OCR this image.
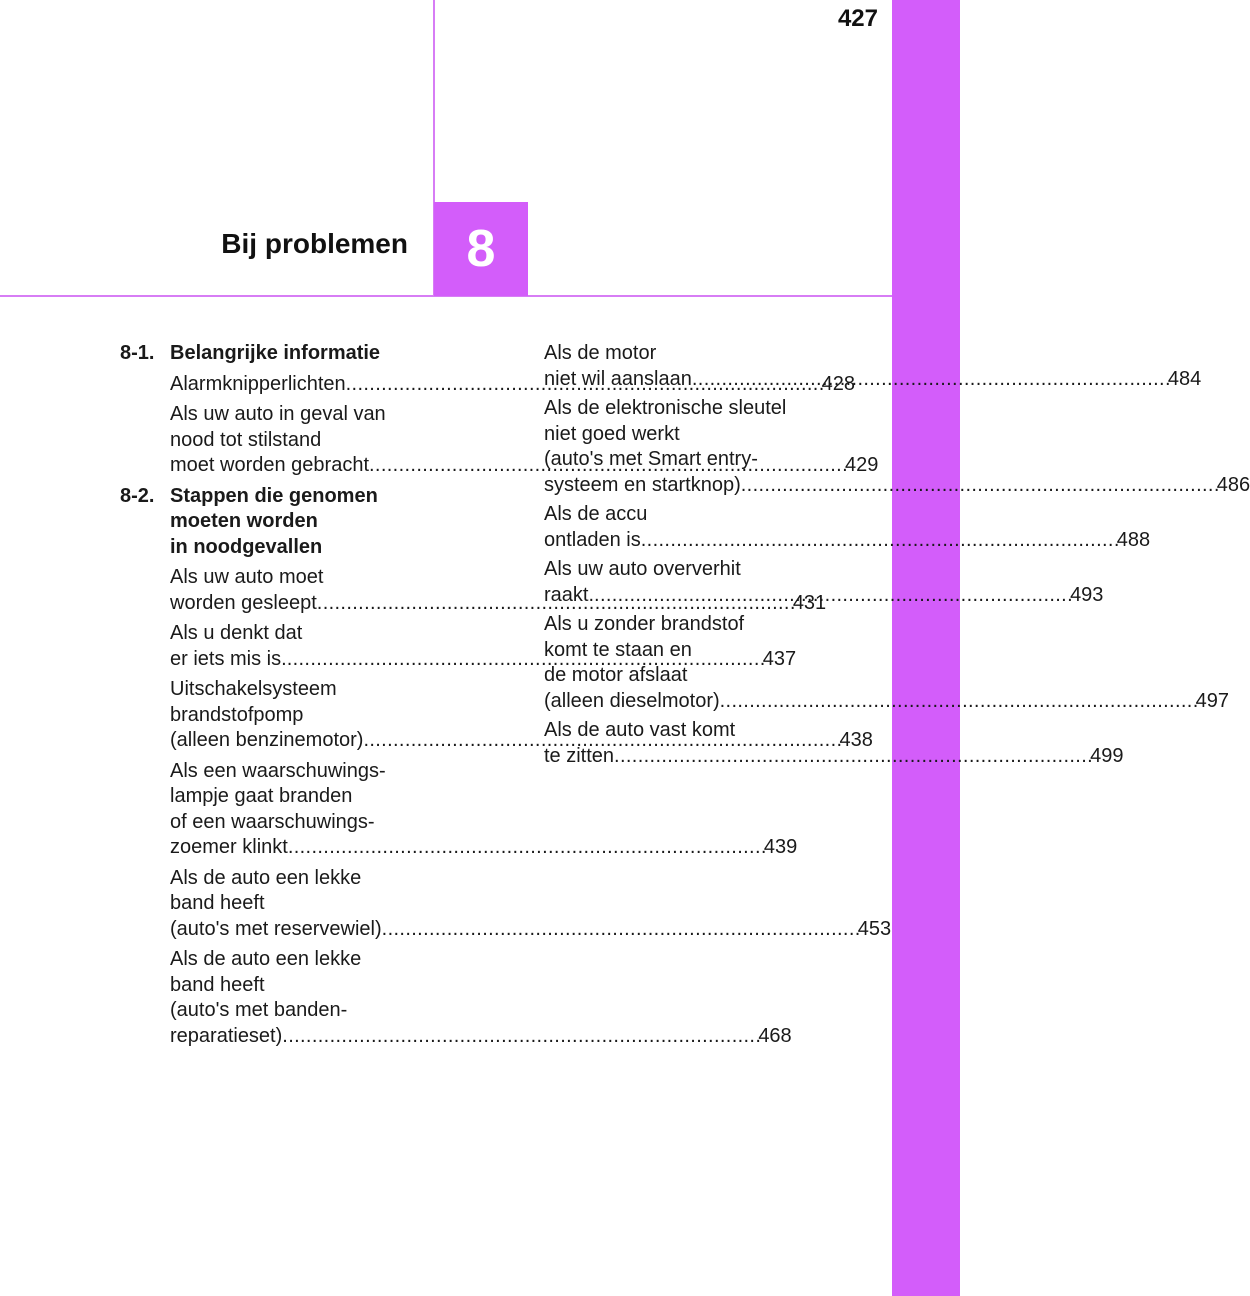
427
Bij problemen 8
8-1. Belangrijke informatie
Alarmknipperlichten . . .	428
Als uw auto in geval van
nood tot stilstand
moet worden gebracht . . .	429
8-2. Stappen die genomen
moeten worden
in noodgevallen
Als uw auto moet
worden gesleept . . .	431
Als u denkt dat
er iets mis is. . . .	437
Uitschakelsysteem
brandstofpomp
(alleen benzinemotor) . . .	438
Als een waarschuwings-
lampje gaat branden
of een waarschuwings-
zoemer klinkt . . .	439
Als de auto een lekke
band heeft
(auto's met reservewiel) . . .	453
Als de auto een lekke
band heeft
(auto's met banden-
reparatieset) . . .	468
Als de motor
niet wil aanslaan . . .	484
Als de elektronische sleutel
niet goed werkt
(auto's met Smart entry-
systeem en startknop) . . .	486
Als de accu
ontladen is . . .	488
Als uw auto oververhit
raakt. . . .	493
Als u zonder brandstof
komt te staan en
de motor afslaat
(alleen dieselmotor) . . .	497
Als de auto vast komt
te zitten . . .	499
